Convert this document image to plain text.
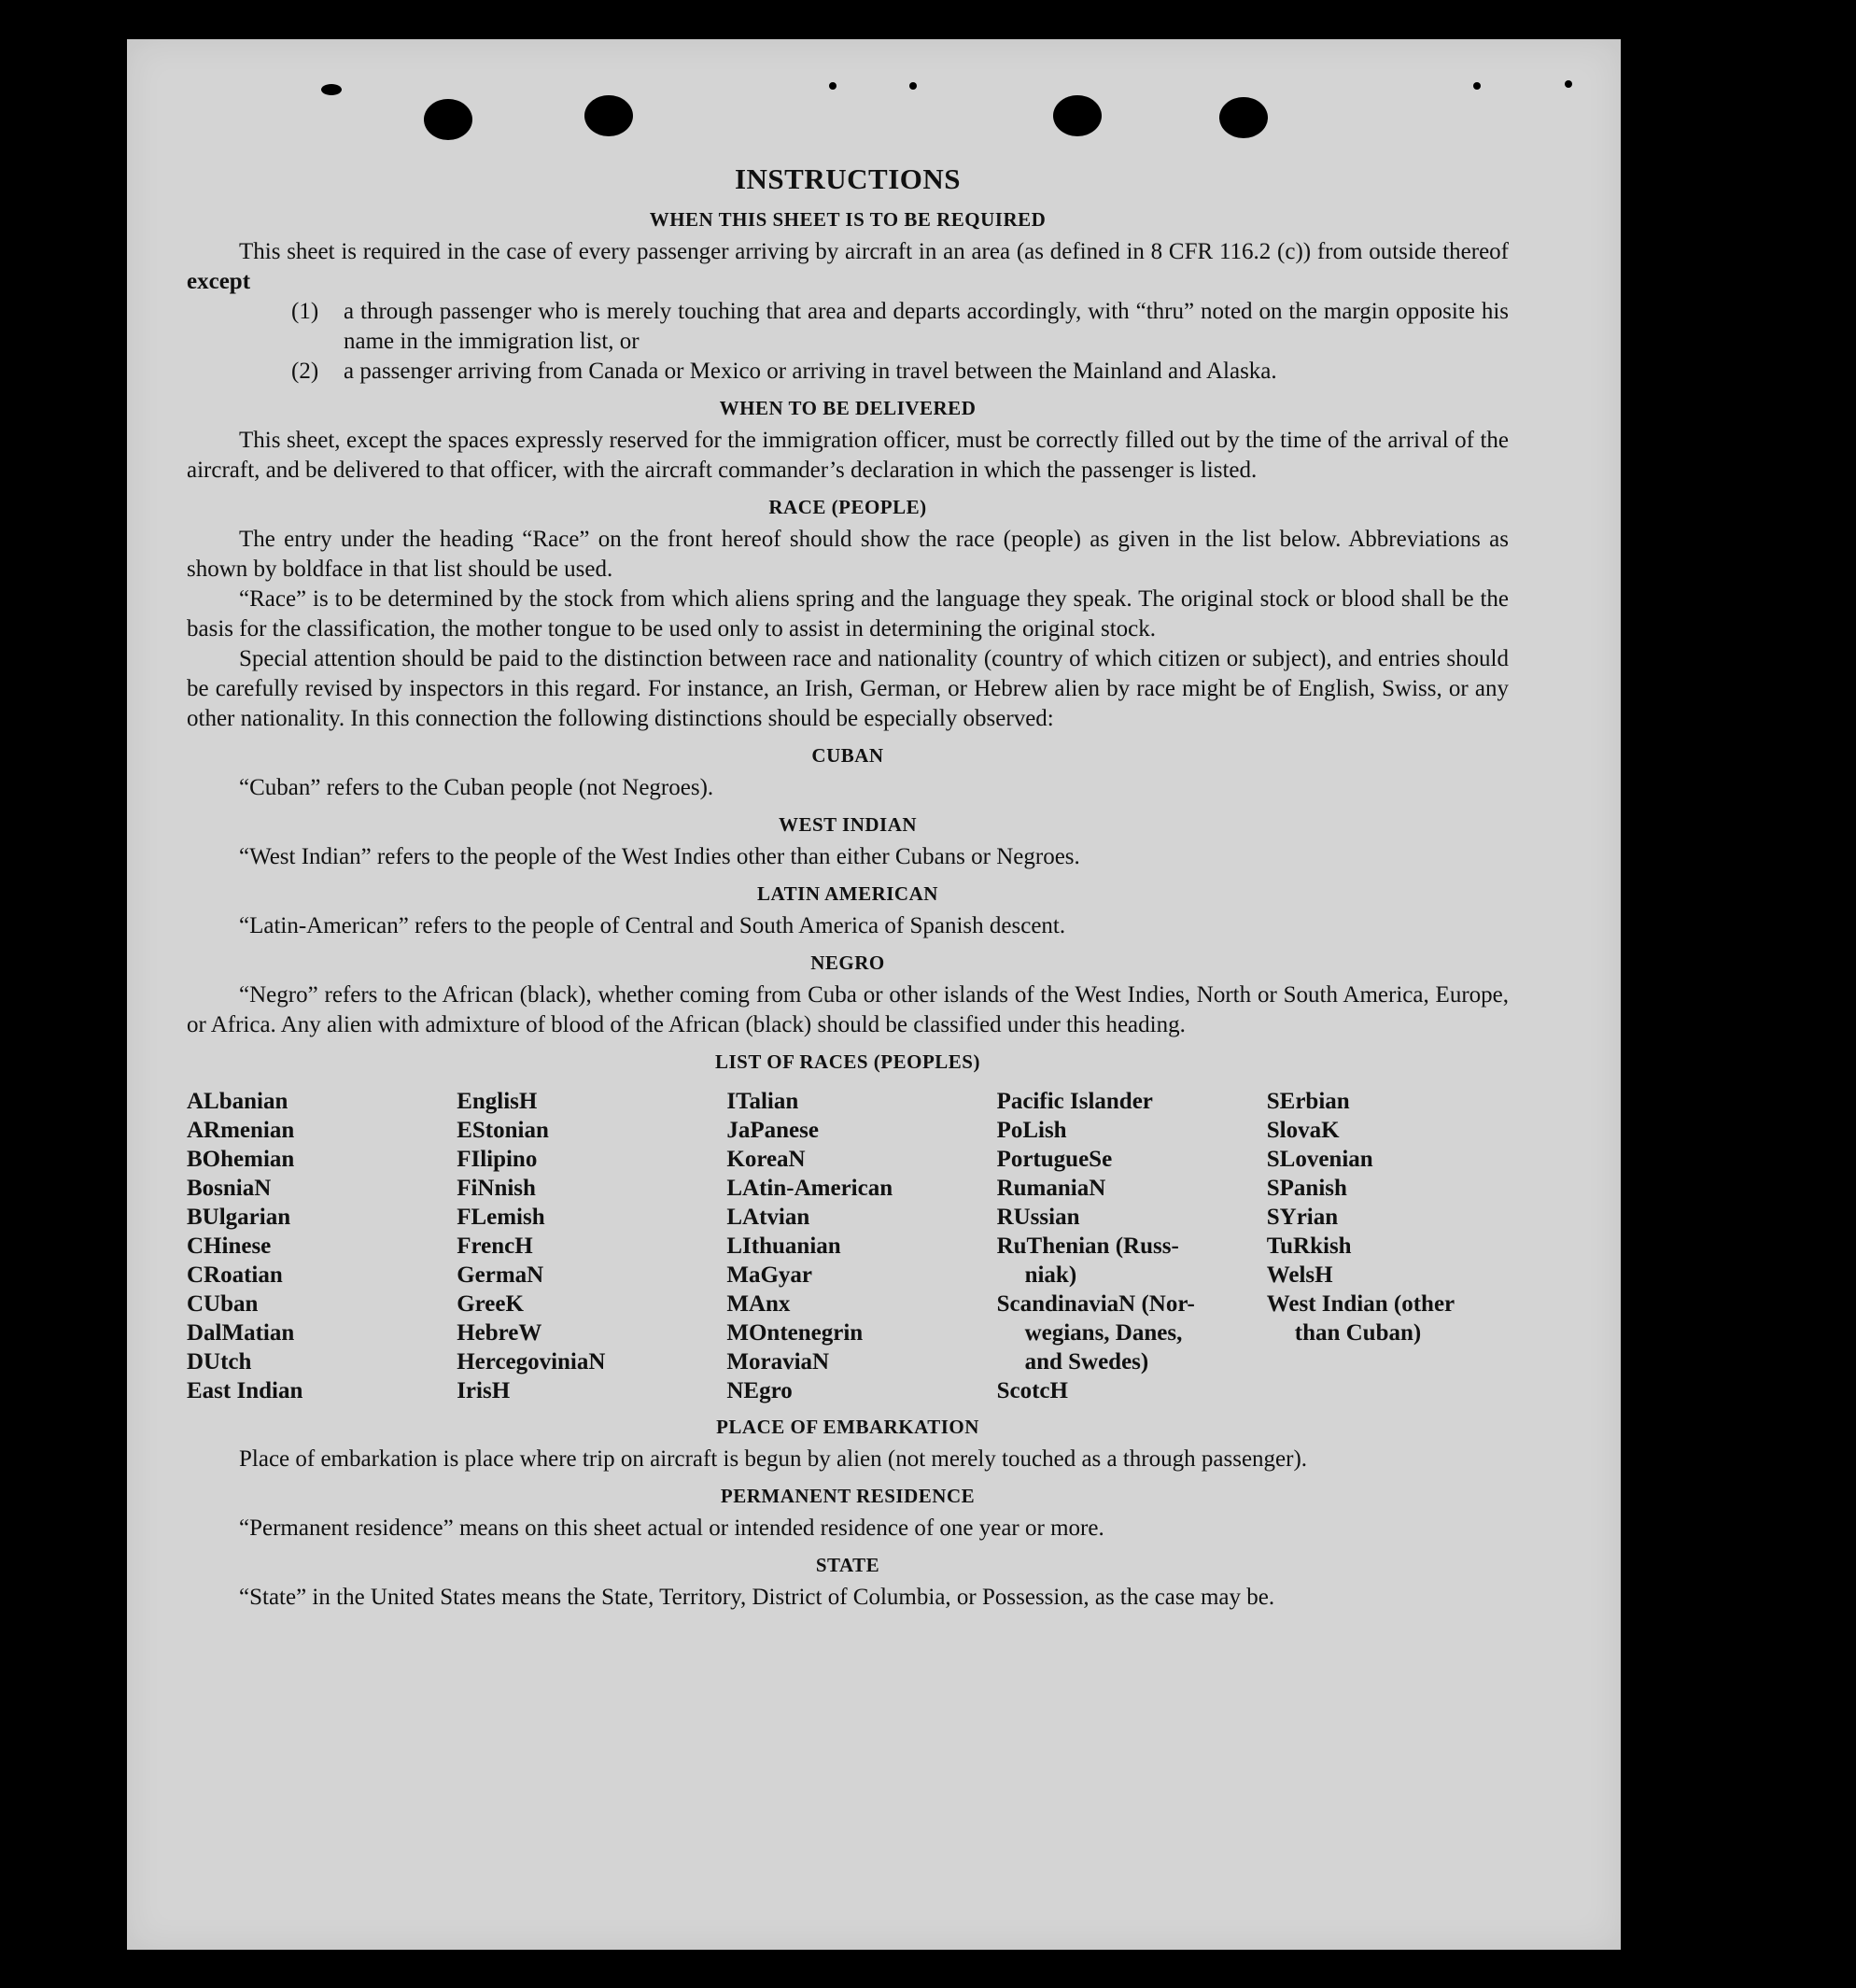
INSTRUCTIONS
WHEN THIS SHEET IS TO BE REQUIRED

This sheet is required in the case of every passenger arriving by aircraft in an area (as defined in 8 CFR 116.2 (c)) from outside thereof except

(1)	a through passenger who is merely touching that area and departs accordingly, with “thru” noted on the margin opposite his name in the immigration list, or
(2)	a passenger arriving from Canada or Mexico or arriving in travel between the Mainland and Alaska.
WHEN TO BE DELIVERED

This sheet, except the spaces expressly reserved for the immigration officer, must be correctly filled out by the time of the arrival of the aircraft, and be delivered to that officer, with the aircraft commander’s declaration in which the passenger is listed.

RACE (PEOPLE)

The entry under the heading “Race” on the front hereof should show the race (people) as given in the list below. Abbreviations as shown by boldface in that list should be used.

“Race” is to be determined by the stock from which aliens spring and the language they speak. The original stock or blood shall be the basis for the classification, the mother tongue to be used only to assist in determining the original stock.

Special attention should be paid to the distinction between race and nationality (country of which citizen or subject), and entries should be carefully revised by inspectors in this regard. For instance, an Irish, German, or Hebrew alien by race might be of English, Swiss, or any other nationality. In this connection the following distinctions should be especially observed:

CUBAN

“Cuban” refers to the Cuban people (not Negroes).

WEST INDIAN

“West Indian” refers to the people of the West Indies other than either Cubans or Negroes.

LATIN AMERICAN

“Latin-American” refers to the people of Central and South America of Spanish descent.

NEGRO

“Negro” refers to the African (black), whether coming from Cuba or other islands of the West Indies, North or South America, Europe, or Africa. Any alien with admixture of blood of the African (black) should be classified under this heading.

LIST OF RACES (PEOPLES)
ALbanian
ARmenian
BOhemian
BosniaN
BUlgarian
CHinese
CRoatian
CUban
DalMatian
DUtch
East Indian
EnglisH
EStonian
FIlipino
FiNnish
FLemish
FrencH
GermaN
GreeK
HebreW
HercegoviniaN
IrisH
ITalian
JaPanese
KoreaN
LAtin-American
LAtvian
LIthuanian
MaGyar
MAnx
MOntenegrin
MoraviaN
NEgro
Pacific Islander
PoLish
PortugueSe
RumaniaN
RUssian
RuThenian (Russ-
niak)
ScandinaviaN (Nor-
wegians, Danes,
and Swedes)
ScotcH
SErbian
SlovaK
SLovenian
SPanish
SYrian
TuRkish
WelsH
West Indian (other
than Cuban)
PLACE OF EMBARKATION

Place of embarkation is place where trip on aircraft is begun by alien (not merely touched as a through passenger).

PERMANENT RESIDENCE

“Permanent residence” means on this sheet actual or intended residence of one year or more.

STATE

“State” in the United States means the State, Territory, District of Columbia, or Possession, as the case may be.
